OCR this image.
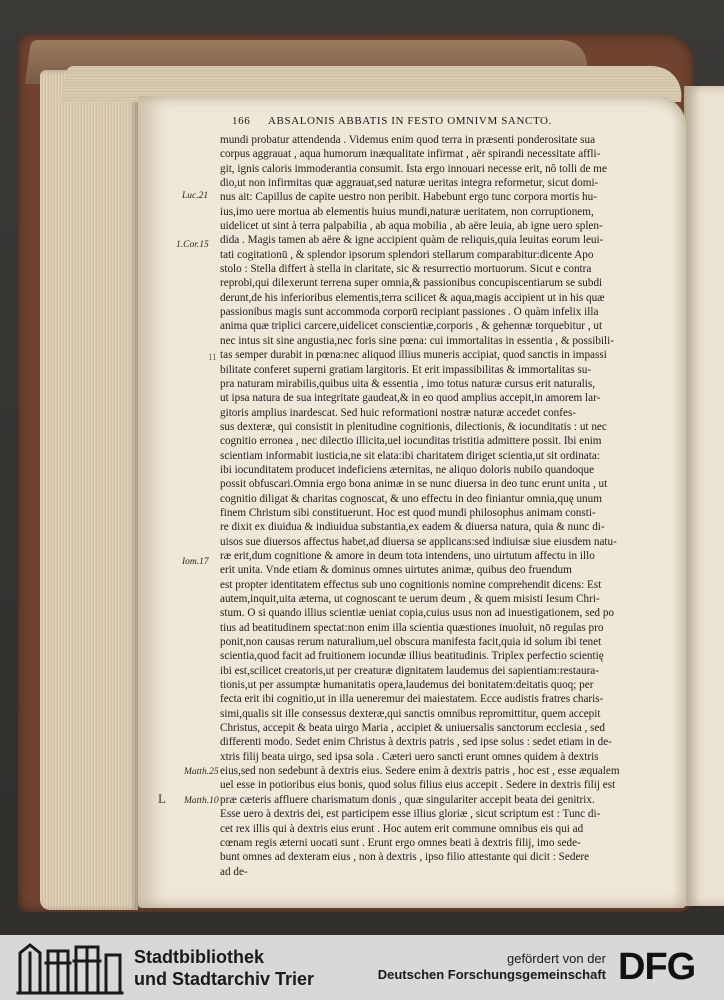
166 ABSALONIS ABBATIS IN FESTO OMNIVM SANCTO.
mundi probatur attendenda . Videmus enim quod terra in præsenti ponderositate sua
corpus aggrauat , aqua humorum inæqualitate infirmat , aër spirandi necessitate affli-
git, ignis caloris immoderantia consumit. Ista ergo innouari necesse erit, nô tolli de me
dio,ut non infirmitas quæ aggrauat,sed naturæ ueritas integra reformetur, sicut domi-
nus ait: Capillus de capite uestro non peribit. Habebunt ergo tunc corpora mortis hu-
ius,imo uere mortua ab elementis huius mundi,naturæ ueritatem, non corruptionem,
uidelicet ut sint à terra palpabilia , ab aqua mobilia , ab aëre leuia, ab igne uero splen-
dida . Magis tamen ab aëre & igne accipient quàm de reliquis,quia leuitas eorum leui-
tati cogitationū , & splendor ipsorum splendori stellarum comparabitur:dicente Apo
stolo : Stella differt à stella in claritate, sic & resurrectio mortuorum. Sicut e contra
reprobi,qui dilexerunt terrena super omnia,& passionibus concupiscentiarum se subdi
derunt,de his inferioribus elementis,terra scilicet & aqua,magis accipient ut in his quæ
passionibus magis sunt accommoda corporū recipiant passiones . O quàm infelix illa
anima quæ triplici carcere,uidelicet conscientiæ,corporis , & gehennæ torquebitur , ut
nec intus sit sine angustia,nec foris sine pœna: cui immortalitas in essentia , & possibili-
tas semper durabit in pœna:nec aliquod illius muneris accipiat, quod sanctis in impassi
bilitate conferet superni gratiam largitoris. Et erit impassibilitas & immortalitas su-
pra naturam mirabilis,quibus uita & essentia , imo totus naturæ cursus erit naturalis,
ut ipsa natura de sua integritate gaudeat,& in eo quod amplius accepit,in amorem lar-
gitoris amplius inardescat. Sed huic reformationi nostræ naturæ accedet confes-
sus dexteræ, qui consistit in plenitudine cognitionis, dilectionis, & iocunditatis : ut nec
cognitio erronea , nec dilectio illicita,uel iocunditas tristitia admittere possit. Ibi enim
scientiam informabit iusticia,ne sit elata:ibi charitatem diriget scientia,ut sit ordinata:
ibi iocunditatem producet indeficiens æternitas, ne aliquo doloris nubilo quandoque
possit obfuscari.Omnia ergo bona animæ in se nunc diuersa in deo tunc erunt unita , ut
cognitio diligat & charitas cognoscat, & uno effectu in deo finiantur omnia,quę unum
finem Christum sibi constituerunt. Hoc est quod mundi philosophus animam consti-
re dixit ex diuidua & indiuidua substantia,ex eadem & diuersa natura, quia & nunc di-
uisos sue diuersos affectus habet,ad diuersa se applicans:sed indiuisæ siue eiusdem natu-
ræ erit,dum cognitione & amore in deum tota intendens, uno uirtutum affectu in illo
erit unita. Vnde etiam & dominus omnes uirtutes animæ, quibus deo fruendum
est propter identitatem effectus sub uno cognitionis nomine comprehendit dicens: Est
autem,inquit,uita æterna, ut cognoscant te uerum deum , & quem misisti Iesum Chri-
stum. O si quando illius scientiæ ueniat copia,cuius usus non ad inuestigationem, sed po
tius ad beatitudinem spectat:non enim illa scientia quæstiones inuoluit, nō regulas pro
ponit,non causas rerum naturalium,uel obscura manifesta facit,quia id solum ibi tenet
scientia,quod facit ad fruitionem iocundæ illius beatitudinis. Triplex perfectio scientię
ibi est,scilicet creatoris,ut per creaturæ dignitatem laudemus dei sapientiam:restaura-
tionis,ut per assumptæ humanitatis opera,laudemus dei bonitatem:deitatis quoq; per
fecta erit ibi cognitio,ut in illa ueneremur dei maiestatem. Ecce audistis fratres charis-
simi,qualis sit ille consessus dexteræ,qui sanctis omnibus repromittitur, quem accepit
Christus, accepit & beata uirgo Maria , accipiet & uniuersalis sanctorum ecclesia , sed
differenti modo. Sedet enim Christus à dextris patris , sed ipse solus : sedet etiam in de-
xtris filij beata uirgo, sed ipsa sola . Cæteri uero sancti erunt omnes quidem à dextris
eius,sed non sedebunt à dextris eius. Sedere enim à dextris patris , hoc est , esse æqualem
uel esse in potioribus eius bonis, quod solus filius eius accepit . Sedere in dextris filij est
præ cæteris affluere charismatum donis , quæ singulariter accepit beata dei genitrix.
Esse uero à dextris dei, est participem esse illius gloriæ , sicut scriptum est : Tunc di-
cet rex illis qui à dextris eius erunt . Hoc autem erit commune omnibus eis qui ad
cœnam regis æterni uocati sunt . Erunt ergo omnes beati à dextris filij, imo sede-
bunt omnes ad dexteram eius , non à dextris , ipso filio attestante qui dicit : Sedere
ad de-
Luc.21
1.Cor.15
Iom.17
Matth.25
Matth.10
L
11
Stadtbibliothek
und Stadtarchiv Trier
gefördert von der
Deutschen Forschungsgemeinschaft DFG
